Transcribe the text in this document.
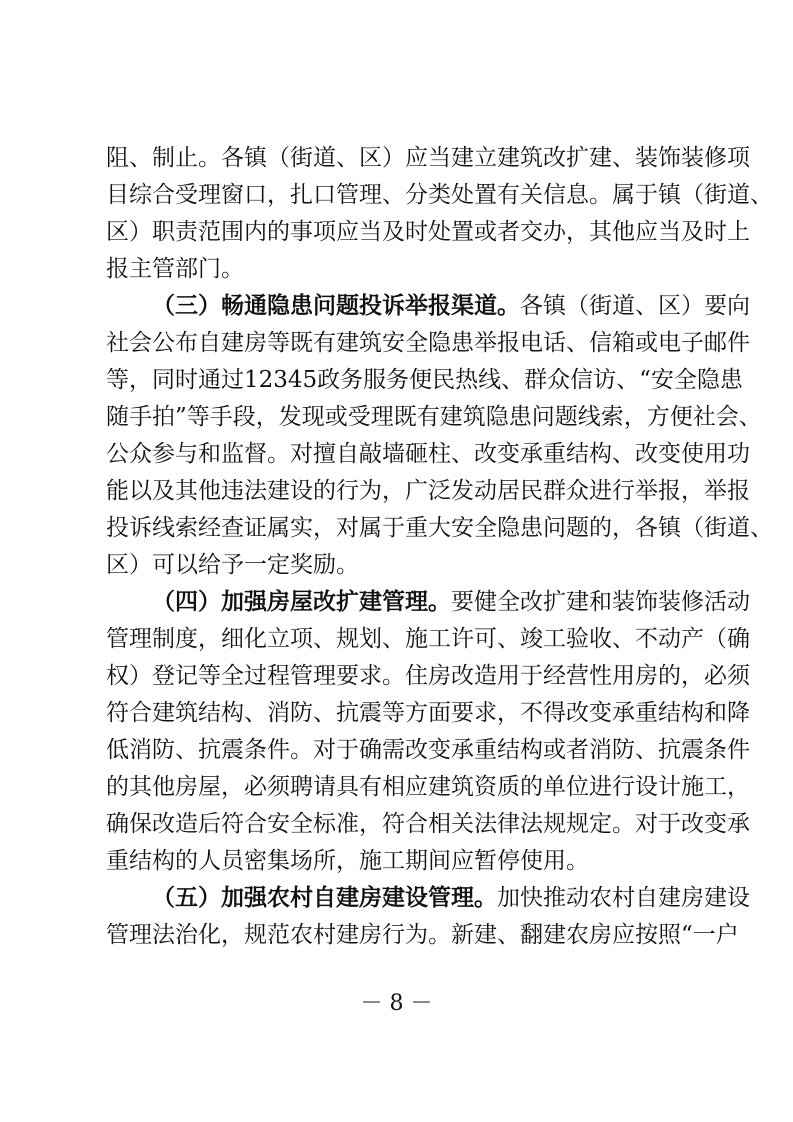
阻、制止。各镇（街道、区）应当建立建筑改扩建、装饰装修项
目综合受理窗口，扎口管理、分类处置有关信息。属于镇（街道、
区）职责范围内的事项应当及时处置或者交办，其他应当及时上
报主管部门。
（三）畅通隐患问题投诉举报渠道。各镇（街道、区）要向
社会公布自建房等既有建筑安全隐患举报电话、信箱或电子邮件
等，同时通过12345政务服务便民热线、群众信访、“安全隐患
随手拍”等手段，发现或受理既有建筑隐患问题线索，方便社会、
公众参与和监督。对擅自敲墙砸柱、改变承重结构、改变使用功
能以及其他违法建设的行为，广泛发动居民群众进行举报，举报
投诉线索经查证属实，对属于重大安全隐患问题的，各镇（街道、
区）可以给予一定奖励。
（四）加强房屋改扩建管理。要健全改扩建和装饰装修活动
管理制度，细化立项、规划、施工许可、竣工验收、不动产（确
权）登记等全过程管理要求。住房改造用于经营性用房的，必须
符合建筑结构、消防、抗震等方面要求，不得改变承重结构和降
低消防、抗震条件。对于确需改变承重结构或者消防、抗震条件
的其他房屋，必须聘请具有相应建筑资质的单位进行设计施工，
确保改造后符合安全标准，符合相关法律法规规定。对于改变承
重结构的人员密集场所，施工期间应暂停使用。
（五）加强农村自建房建设管理。加快推动农村自建房建设
管理法治化，规范农村建房行为。新建、翻建农房应按照“一户
－ 8 －
